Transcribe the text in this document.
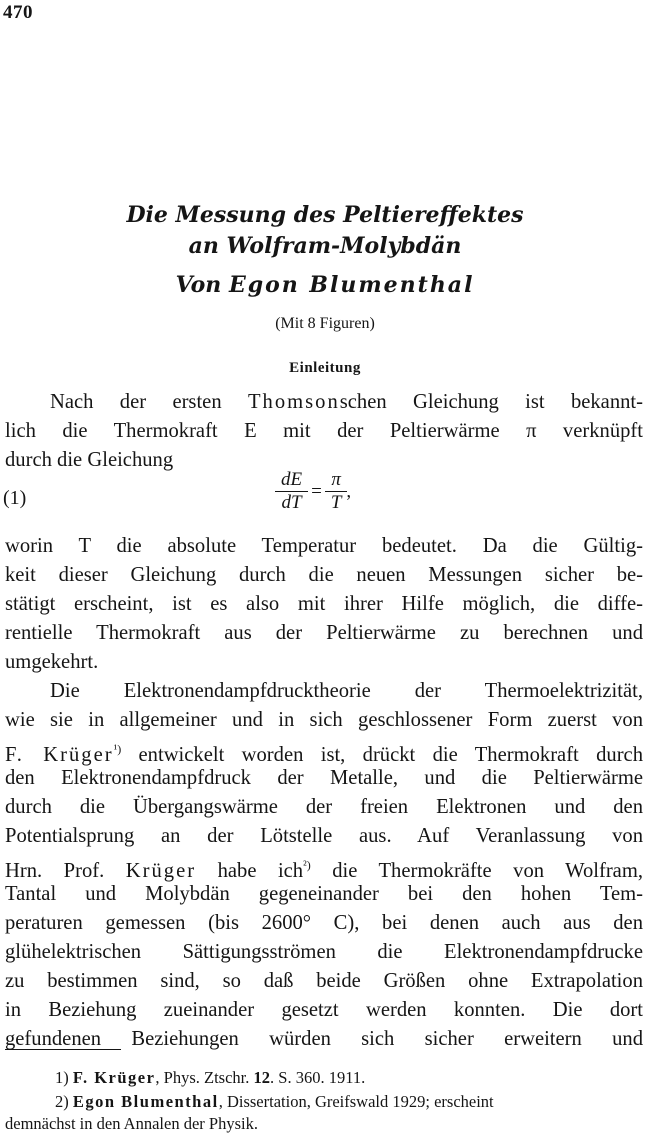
470
Die Messung des Peltiereffektes
an Wolfram-Molybdän
Von Egon Blumenthal
(Mit 8 Figuren)
Einleitung
Nach der ersten Thomsonschen Gleichung ist bekannt-
lich die Thermokraft E mit der Peltierwärme π verknüpft
durch die Gleichung
(1)	$\frac{dE}{dT} = \frac{\pi}{T}$ ,
worin T die absolute Temperatur bedeutet. Da die Gültig-
keit dieser Gleichung durch die neuen Messungen sicher be-
stätigt erscheint, ist es also mit ihrer Hilfe möglich, die diffe-
rentielle Thermokraft aus der Peltierwärme zu berechnen und
umgekehrt.
Die Elektronendampfdrucktheorie der Thermoelektrizität,
wie sie in allgemeiner und in sich geschlossener Form zuerst von
F. Krüger$^{^1)}$ entwickelt worden ist, drückt die Thermokraft durch
den Elektronendampfdruck der Metalle, und die Peltierwärme
durch die Übergangswärme der freien Elektronen und den
Potentialsprung an der Lötstelle aus. Auf Veranlassung von
Hrn. Prof. Krüger habe ich$^{^2)}$ die Thermokräfte von Wolfram,
Tantal und Molybdän gegeneinander bei den hohen Tem-
peraturen gemessen (bis 2600° C), bei denen auch aus den
glühelektrischen Sättigungsströmen die Elektronendampfdrucke
zu bestimmen sind, so daß beide Größen ohne Extrapolation
in Beziehung zueinander gesetzt werden konnten. Die dort
gefundenen Beziehungen würden sich sicher erweitern und
1) F. Krüger, Phys. Ztschr. 12. S. 360. 1911.
2) Egon Blumenthal, Dissertation, Greifswald 1929; erscheint
demnächst in den Annalen der Physik.
